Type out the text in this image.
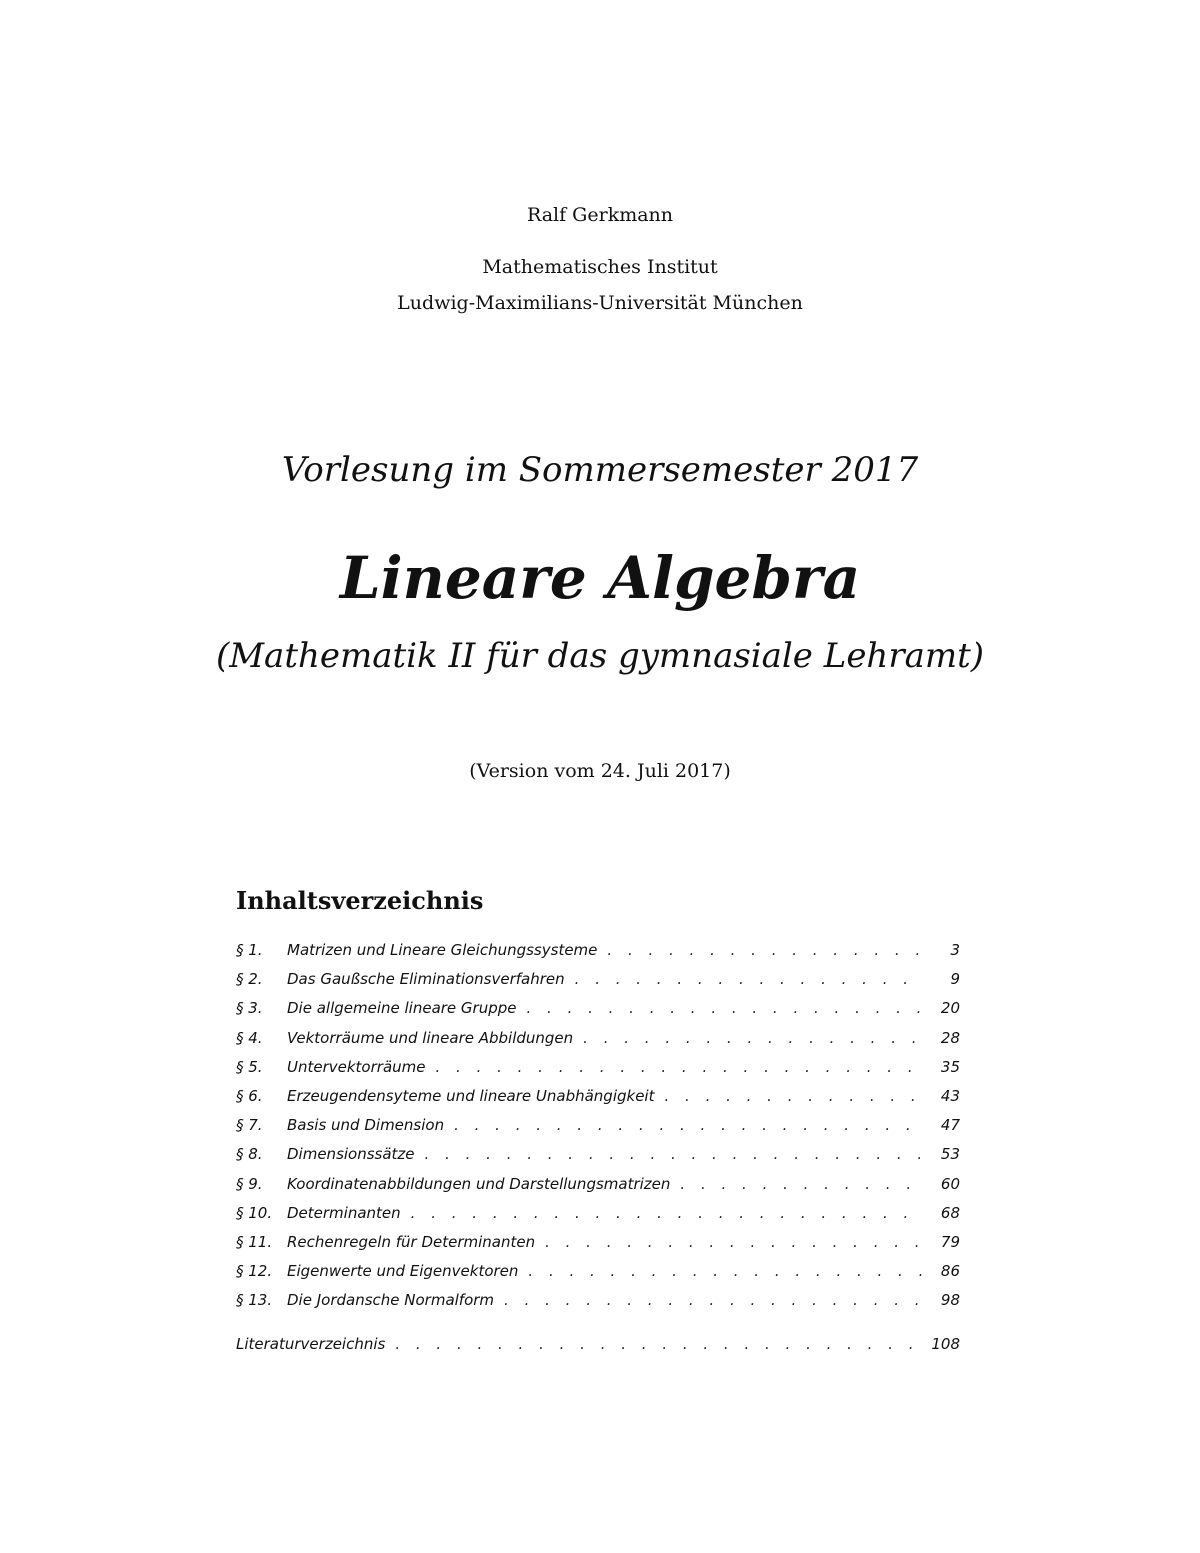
Ralf Gerkmann
Mathematisches Institut
Ludwig-Maximilians-Universität München
Vorlesung im Sommersemester 2017
Lineare Algebra
(Mathematik II für das gymnasiale Lehramt)
(Version vom 24. Juli 2017)
Inhaltsverzeichnis
§ 1.	Matrizen und Lineare Gleichungssysteme . . .	3
§ 2.	Das Gaußsche Eliminationsverfahren . . .	9
§ 3.	Die allgemeine lineare Gruppe . . .	20
§ 4.	Vektorräume und lineare Abbildungen . . .	28
§ 5.	Untervektorräume . . .	35
§ 6.	Erzeugendensyteme und lineare Unabhängigkeit . . .	43
§ 7.	Basis und Dimension . . .	47
§ 8.	Dimensionssätze . . .	53
§ 9.	Koordinatenabbildungen und Darstellungsmatrizen . . .	60
§ 10. Determinanten . . .	68
§ 11. Rechenregeln für Determinanten . . .	79
§ 12. Eigenwerte und Eigenvektoren . . .	86
§ 13. Die Jordansche Normalform . . .	98
Literaturverzeichnis . . .	108
